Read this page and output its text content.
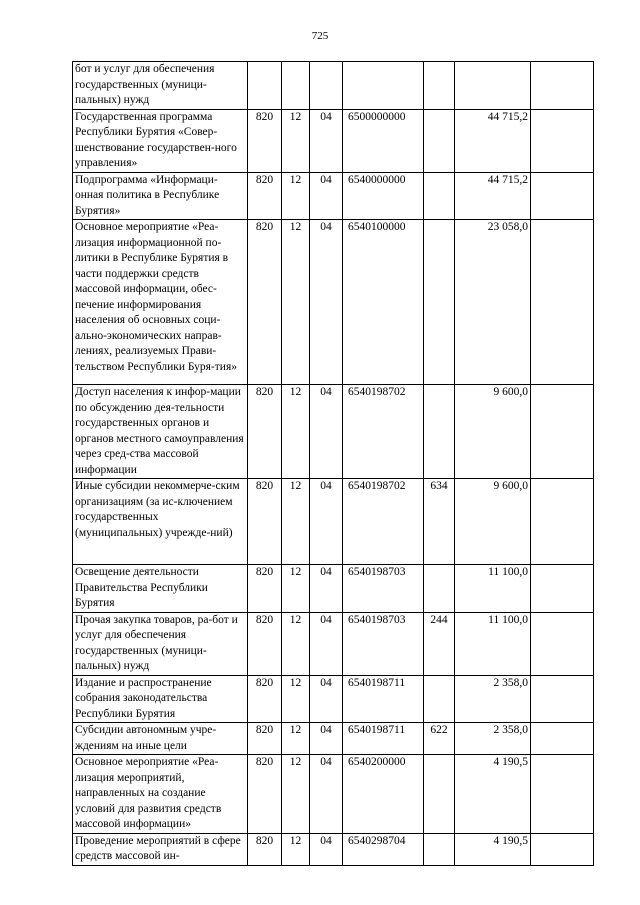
725
бот и услуг для обеспечения государственных (муници-пальных) нужд							
Государственная программа Республики Бурятия «Совер-шенствование государствен-ного управления»	820	12	04	6500000000		44 715,2	
Подпрограмма «Информаци-онная политика в Республике Бурятия»	820	12	04	6540000000		44 715,2	
Основное мероприятие «Реа-лизация информационной по-литики в Республике Бурятия в части поддержки средств массовой информации, обес-печение информирования населения об основных соци-ально-экономических направ-лениях, реализуемых Прави-тельством Республики Буря-тия»	820	12	04	6540100000		23 058,0	
Доступ населения к инфор-мации по обсуждению дея-тельности государственных органов и органов местного самоуправления через сред-ства массовой информации	820	12	04	6540198702		9 600,0	
Иные субсидии некоммерче-ским организациям (за ис-ключением государственных (муниципальных) учрежде-ний)	820	12	04	6540198702	634	9 600,0	
Освещение деятельности Правительства Республики Бурятия	820	12	04	6540198703		11 100,0	
Прочая закупка товаров, ра-бот и услуг для обеспечения государственных (муници-пальных) нужд	820	12	04	6540198703	244	11 100,0	
Издание и распространение собрания законодательства Республики Бурятия	820	12	04	6540198711		2 358,0	
Субсидии автономным учре-ждениям на иные цели	820	12	04	6540198711	622	2 358,0	
Основное мероприятие «Реа-лизация мероприятий, направленных на создание условий для развития средств массовой информации»	820	12	04	6540200000		4 190,5	
Проведение мероприятий в сфере средств массовой ин-	820	12	04	6540298704		4 190,5	
